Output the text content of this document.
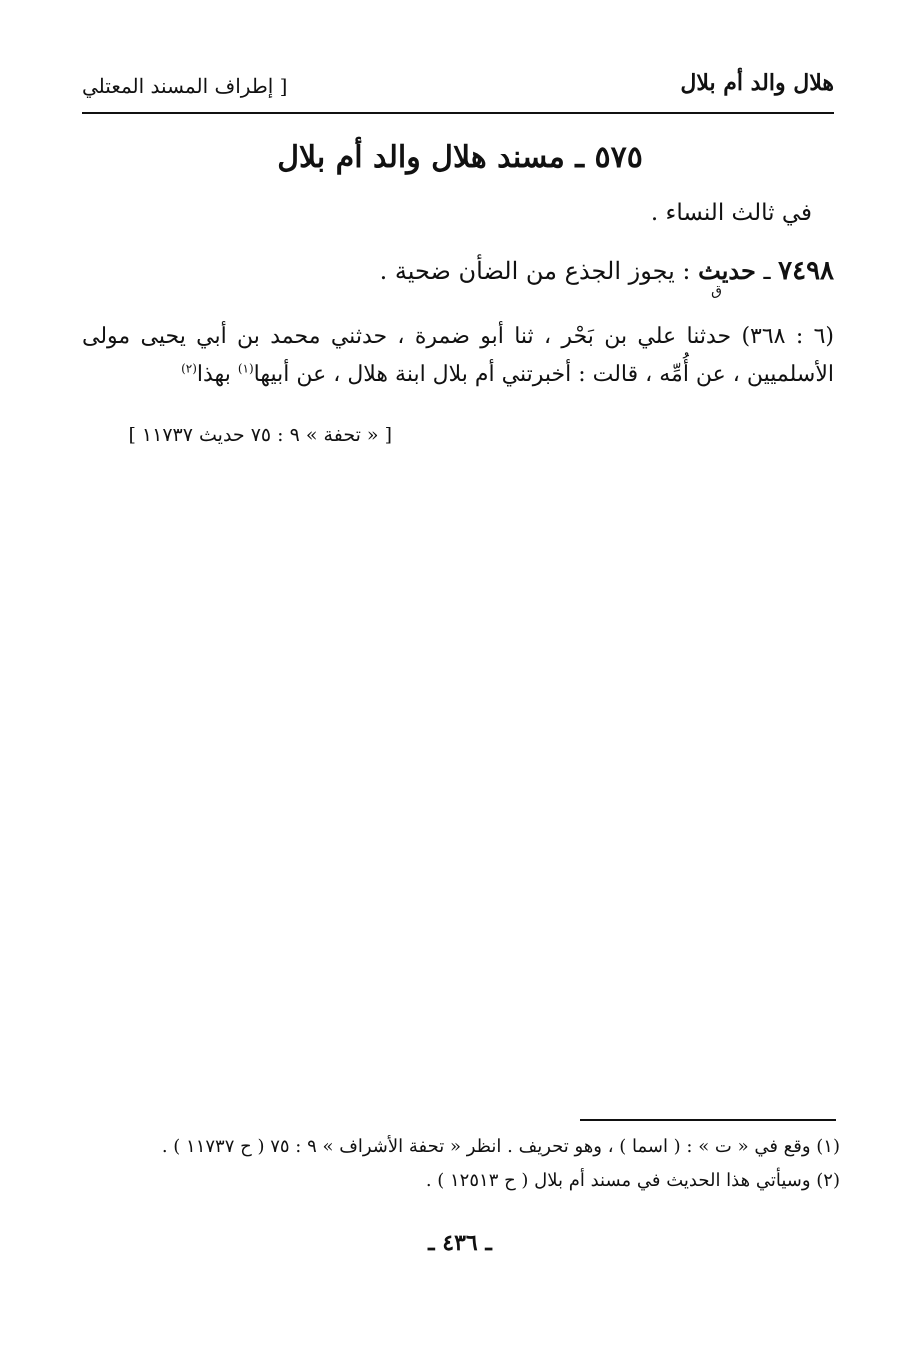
هلال والد أم بلال
[ إطراف المسند المعتلي
٥٧٥ ـ مسند هلال والد أم بلال
في ثالث النساء .
٧٤٩٨ ـ حديث : يجوز الجذع من الضأن ضحية .
ق
(٦ : ٣٦٨) حدثنا علي بن بَحْر ، ثنا أبو ضمرة ، حدثني محمد بن أبي يحيى مولى الأسلميين ، عن أُمِّه ، قالت : أخبرتني أم بلال ابنة هلال ، عن أبيها$^{(١)}$ بهذا$^{(٢)}$
[ « تحفة » ٩ : ٧٥ حديث ١١٧٣٧ ]
(١) وقع في « ت » : ( اسما ) ، وهو تحريف . انظر « تحفة الأشراف » ٩ : ٧٥ ( ح ١١٧٣٧ ) .
(٢) وسيأتي هذا الحديث في مسند أم بلال ( ح ١٢٥١٣ ) .
ـ ٤٣٦ ـ
